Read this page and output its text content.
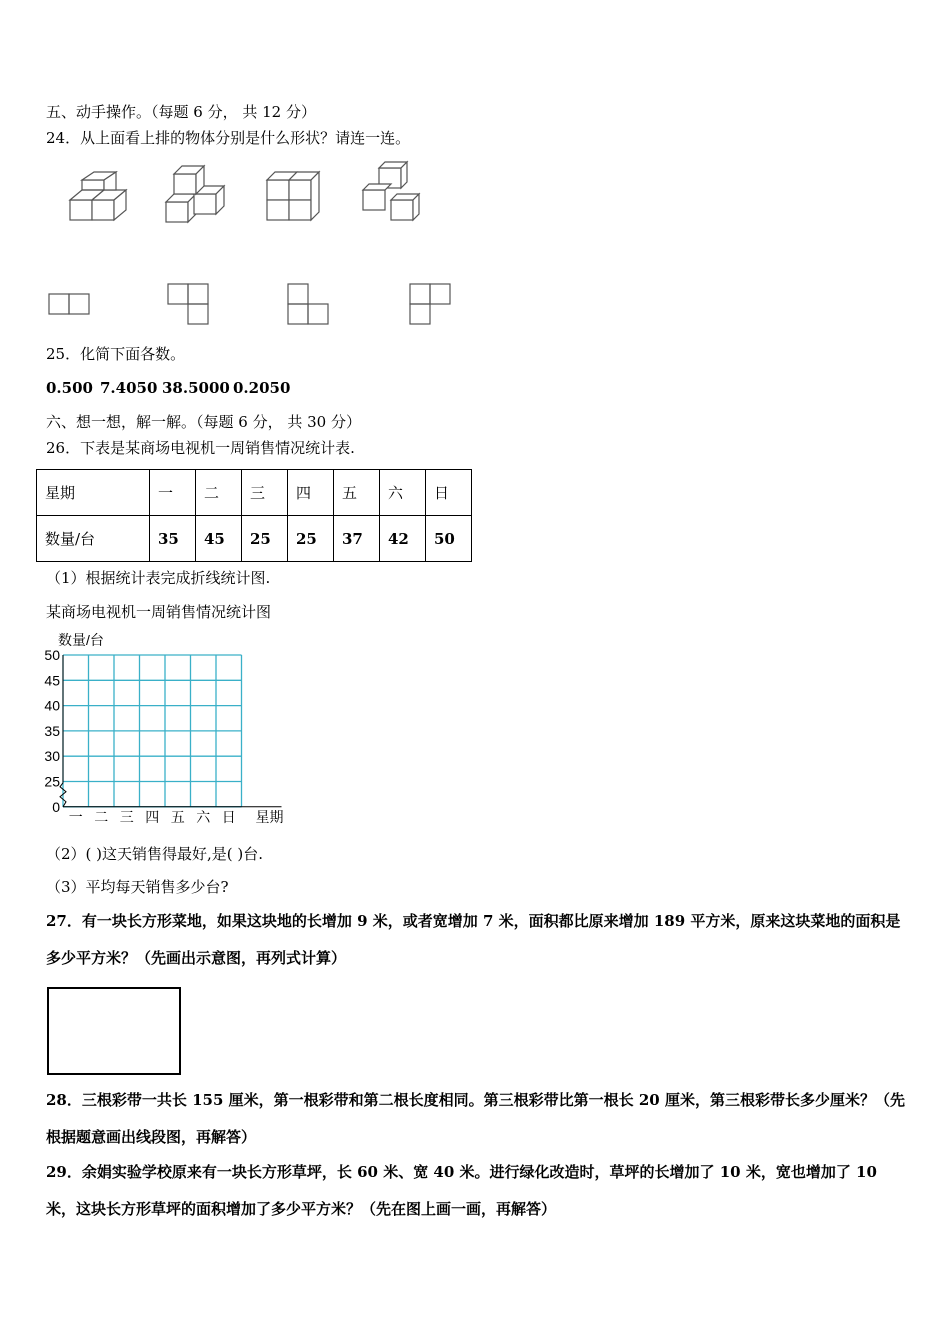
五、动手操作。（每题 6 分， 共 12 分）
24．从上面看上排的物体分别是什么形状？请连一连。
25．化简下面各数。
0.500 7.4050 38.5000 0.2050
六、想一想，解一解。（每题 6 分， 共 30 分）
26．下表是某商场电视机一周销售情况统计表.
星期	一	二	三	四	五	六	日
数量/台	35	45	25	25	37	42	50
（1）根据统计表完成折线统计图.
某商场电视机一周销售情况统计图
50
45
40
35
30
25
0
一 二 三 四 五 六 日
数量/台
星期
（2）( )这天销售得最好,是( )台.
（3）平均每天销售多少台?
27．有一块长方形菜地，如果这块地的长增加 9 米，或者宽增加 7 米，面积都比原来增加 189 平方米，原来这块菜地的面积是多少平方米？（先画出示意图，再列式计算）
28．三根彩带一共长 155 厘米，第一根彩带和第二根长度相同。第三根彩带比第一根长 20 厘米，第三根彩带长多少厘米？（先根据题意画出线段图，再解答）
29．余娟实验学校原来有一块长方形草坪，长 60 米、宽 40 米。进行绿化改造时，草坪的长增加了 10 米，宽也增加了 10 米，这块长方形草坪的面积增加了多少平方米？（先在图上画一画，再解答）
